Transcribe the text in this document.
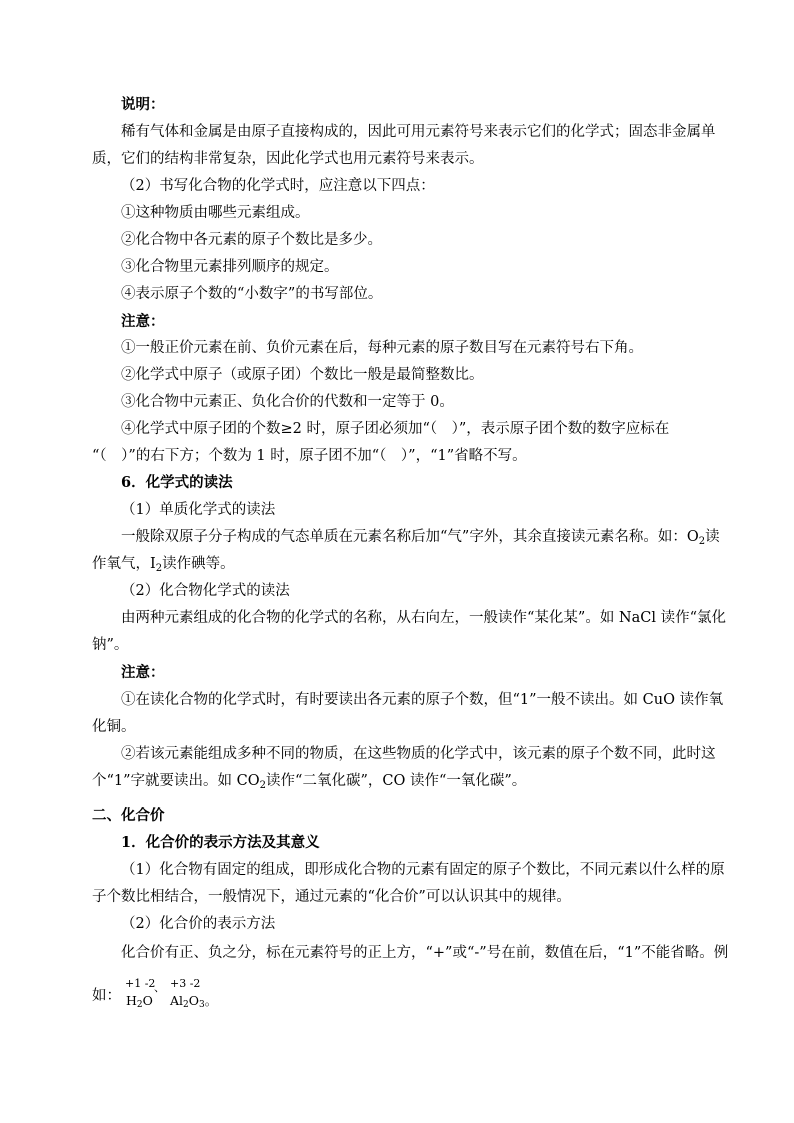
说明：
稀有气体和金属是由原子直接构成的，因此可用元素符号来表示它们的化学式；固态非金属单
质，它们的结构非常复杂，因此化学式也用元素符号来表示。
（2）书写化合物的化学式时，应注意以下四点：
①这种物质由哪些元素组成。
②化合物中各元素的原子个数比是多少。
③化合物里元素排列顺序的规定。
④表示原子个数的“小数字”的书写部位。
注意：
①一般正价元素在前、负价元素在后，每种元素的原子数目写在元素符号右下角。
②化学式中原子（或原子团）个数比一般是最简整数比。
③化合物中元素正、负化合价的代数和一定等于 0。
④化学式中原子团的个数≥2 时，原子团必须加“（　）”，表示原子团个数的数字应标在
“（　）”的右下方；个数为 1 时，原子团不加“（　）”，“1”省略不写。
6．化学式的读法
（1）单质化学式的读法
一般除双原子分子构成的气态单质在元素名称后加“气”字外，其余直接读元素名称。如：$O_2$读
作氧气，$I_2$读作碘等。
（2）化合物化学式的读法
由两种元素组成的化合物的化学式的名称，从右向左，一般读作“某化某”。如 NaCl 读作“氯化
钠”。
注意：
①在读化合物的化学式时，有时要读出各元素的原子个数，但“1”一般不读出。如 CuO 读作氧
化铜。
②若该元素能组成多种不同的物质，在这些物质的化学式中，该元素的原子个数不同，此时这
个“1”字就要读出。如 $CO_2$读作“二氧化碳”，CO 读作“一氧化碳”。
二、化合价
1．化合价的表示方法及其意义
（1）化合物有固定的组成，即形成化合物的元素有固定的原子个数比，不同元素以什么样的原
子个数比相结合，一般情况下，通过元素的“化合价”可以认识其中的规律。
（2）化合价的表示方法
化合价有正、负之分，标在元素符号的正上方，“+”或“-”号在前，数值在后，“1”不能省略。例
如：
+1 -2
、
$H_2O$
+3 -2
$Al_2O_3$。
